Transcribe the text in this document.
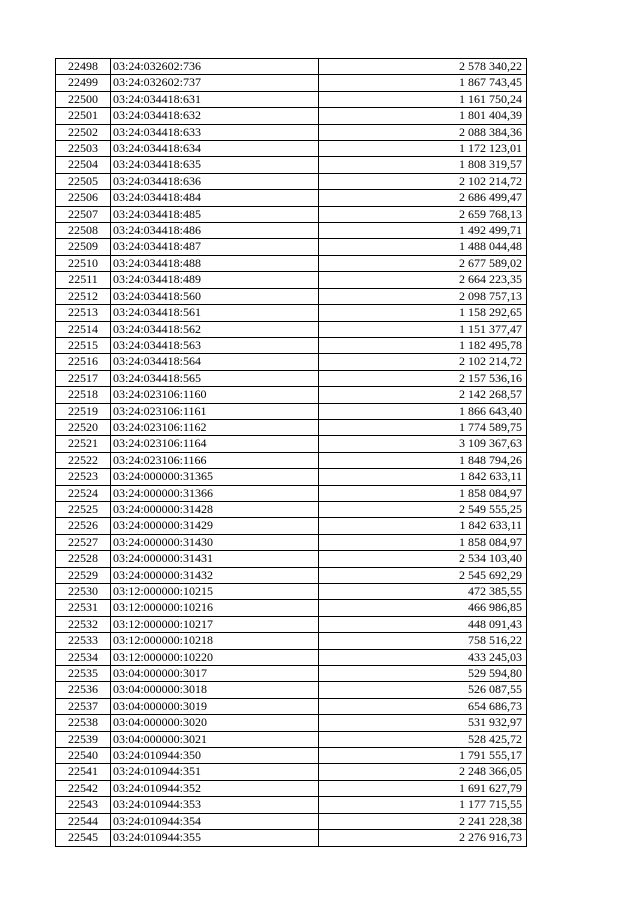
22498	03:24:032602:736	2 578 340,22
22499	03:24:032602:737	1 867 743,45
22500	03:24:034418:631	1 161 750,24
22501	03:24:034418:632	1 801 404,39
22502	03:24:034418:633	2 088 384,36
22503	03:24:034418:634	1 172 123,01
22504	03:24:034418:635	1 808 319,57
22505	03:24:034418:636	2 102 214,72
22506	03:24:034418:484	2 686 499,47
22507	03:24:034418:485	2 659 768,13
22508	03:24:034418:486	1 492 499,71
22509	03:24:034418:487	1 488 044,48
22510	03:24:034418:488	2 677 589,02
22511	03:24:034418:489	2 664 223,35
22512	03:24:034418:560	2 098 757,13
22513	03:24:034418:561	1 158 292,65
22514	03:24:034418:562	1 151 377,47
22515	03:24:034418:563	1 182 495,78
22516	03:24:034418:564	2 102 214,72
22517	03:24:034418:565	2 157 536,16
22518	03:24:023106:1160	2 142 268,57
22519	03:24:023106:1161	1 866 643,40
22520	03:24:023106:1162	1 774 589,75
22521	03:24:023106:1164	3 109 367,63
22522	03:24:023106:1166	1 848 794,26
22523	03:24:000000:31365	1 842 633,11
22524	03:24:000000:31366	1 858 084,97
22525	03:24:000000:31428	2 549 555,25
22526	03:24:000000:31429	1 842 633,11
22527	03:24:000000:31430	1 858 084,97
22528	03:24:000000:31431	2 534 103,40
22529	03:24:000000:31432	2 545 692,29
22530	03:12:000000:10215	472 385,55
22531	03:12:000000:10216	466 986,85
22532	03:12:000000:10217	448 091,43
22533	03:12:000000:10218	758 516,22
22534	03:12:000000:10220	433 245,03
22535	03:04:000000:3017	529 594,80
22536	03:04:000000:3018	526 087,55
22537	03:04:000000:3019	654 686,73
22538	03:04:000000:3020	531 932,97
22539	03:04:000000:3021	528 425,72
22540	03:24:010944:350	1 791 555,17
22541	03:24:010944:351	2 248 366,05
22542	03:24:010944:352	1 691 627,79
22543	03:24:010944:353	1 177 715,55
22544	03:24:010944:354	2 241 228,38
22545	03:24:010944:355	2 276 916,73
